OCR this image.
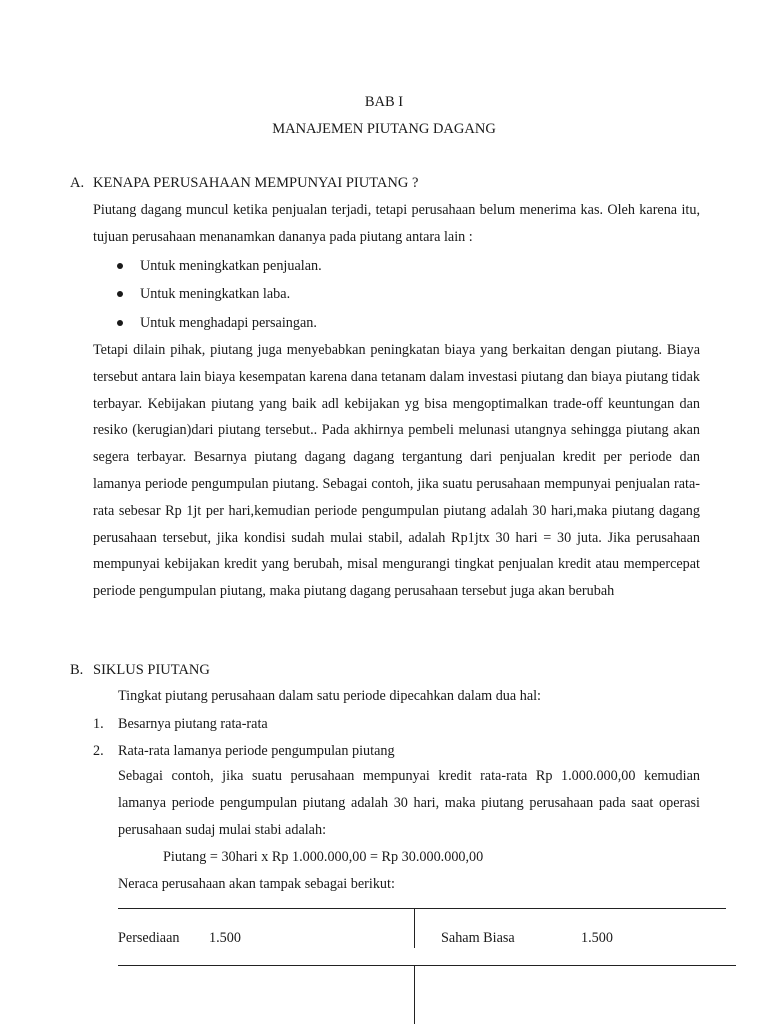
BAB I
MANAJEMEN PIUTANG DAGANG
A. KENAPA PERUSAHAAN MEMPUNYAI PIUTANG ?

Piutang dagang muncul ketika penjualan terjadi, tetapi perusahaan belum menerima kas. Oleh karena itu, tujuan perusahaan menanamkan dananya pada piutang antara lain :

Untuk meningkatkan penjualan.
Untuk meningkatkan laba.
Untuk menghadapi persaingan.

Tetapi dilain pihak, piutang juga menyebabkan peningkatan biaya yang berkaitan dengan piutang. Biaya tersebut antara lain biaya kesempatan karena dana tetanam dalam investasi piutang dan biaya piutang tidak terbayar. Kebijakan piutang yang baik adl kebijakan yg bisa mengoptimalkan trade-off keuntungan dan resiko (kerugian)dari piutang tersebut.. Pada akhirnya pembeli melunasi utangnya sehingga piutang akan segera terbayar. Besarnya piutang dagang dagang tergantung dari penjualan kredit per periode dan lamanya periode pengumpulan piutang. Sebagai contoh, jika suatu perusahaan mempunyai penjualan rata-rata sebesar Rp 1jt per hari,kemudian periode pengumpulan piutang adalah 30 hari,maka piutang dagang perusahaan tersebut, jika kondisi sudah mulai stabil, adalah Rp1jtx 30 hari = 30 juta. Jika perusahaan mempunyai kebijakan kredit yang berubah, misal mengurangi tingkat penjualan kredit atau mempercepat periode pengumpulan piutang, maka piutang dagang perusahaan tersebut juga akan berubah

B. SIKLUS PIUTANG
Tingkat piutang perusahaan dalam satu periode dipecahkan dalam dua hal:
1. Besarnya piutang rata-rata
2. Rata-rata lamanya periode pengumpulan piutang

Sebagai contoh, jika suatu perusahaan mempunyai kredit rata-rata Rp 1.000.000,00 kemudian lamanya periode pengumpulan piutang adalah 30 hari, maka piutang perusahaan pada saat operasi perusahaan sudaj mulai stabi adalah:

Piutang = 30hari x Rp 1.000.000,00 = Rp 30.000.000,00
Neraca perusahaan akan tampak sebagai berikut:
Persediaan 1.500	Saham Biasa	1.500
